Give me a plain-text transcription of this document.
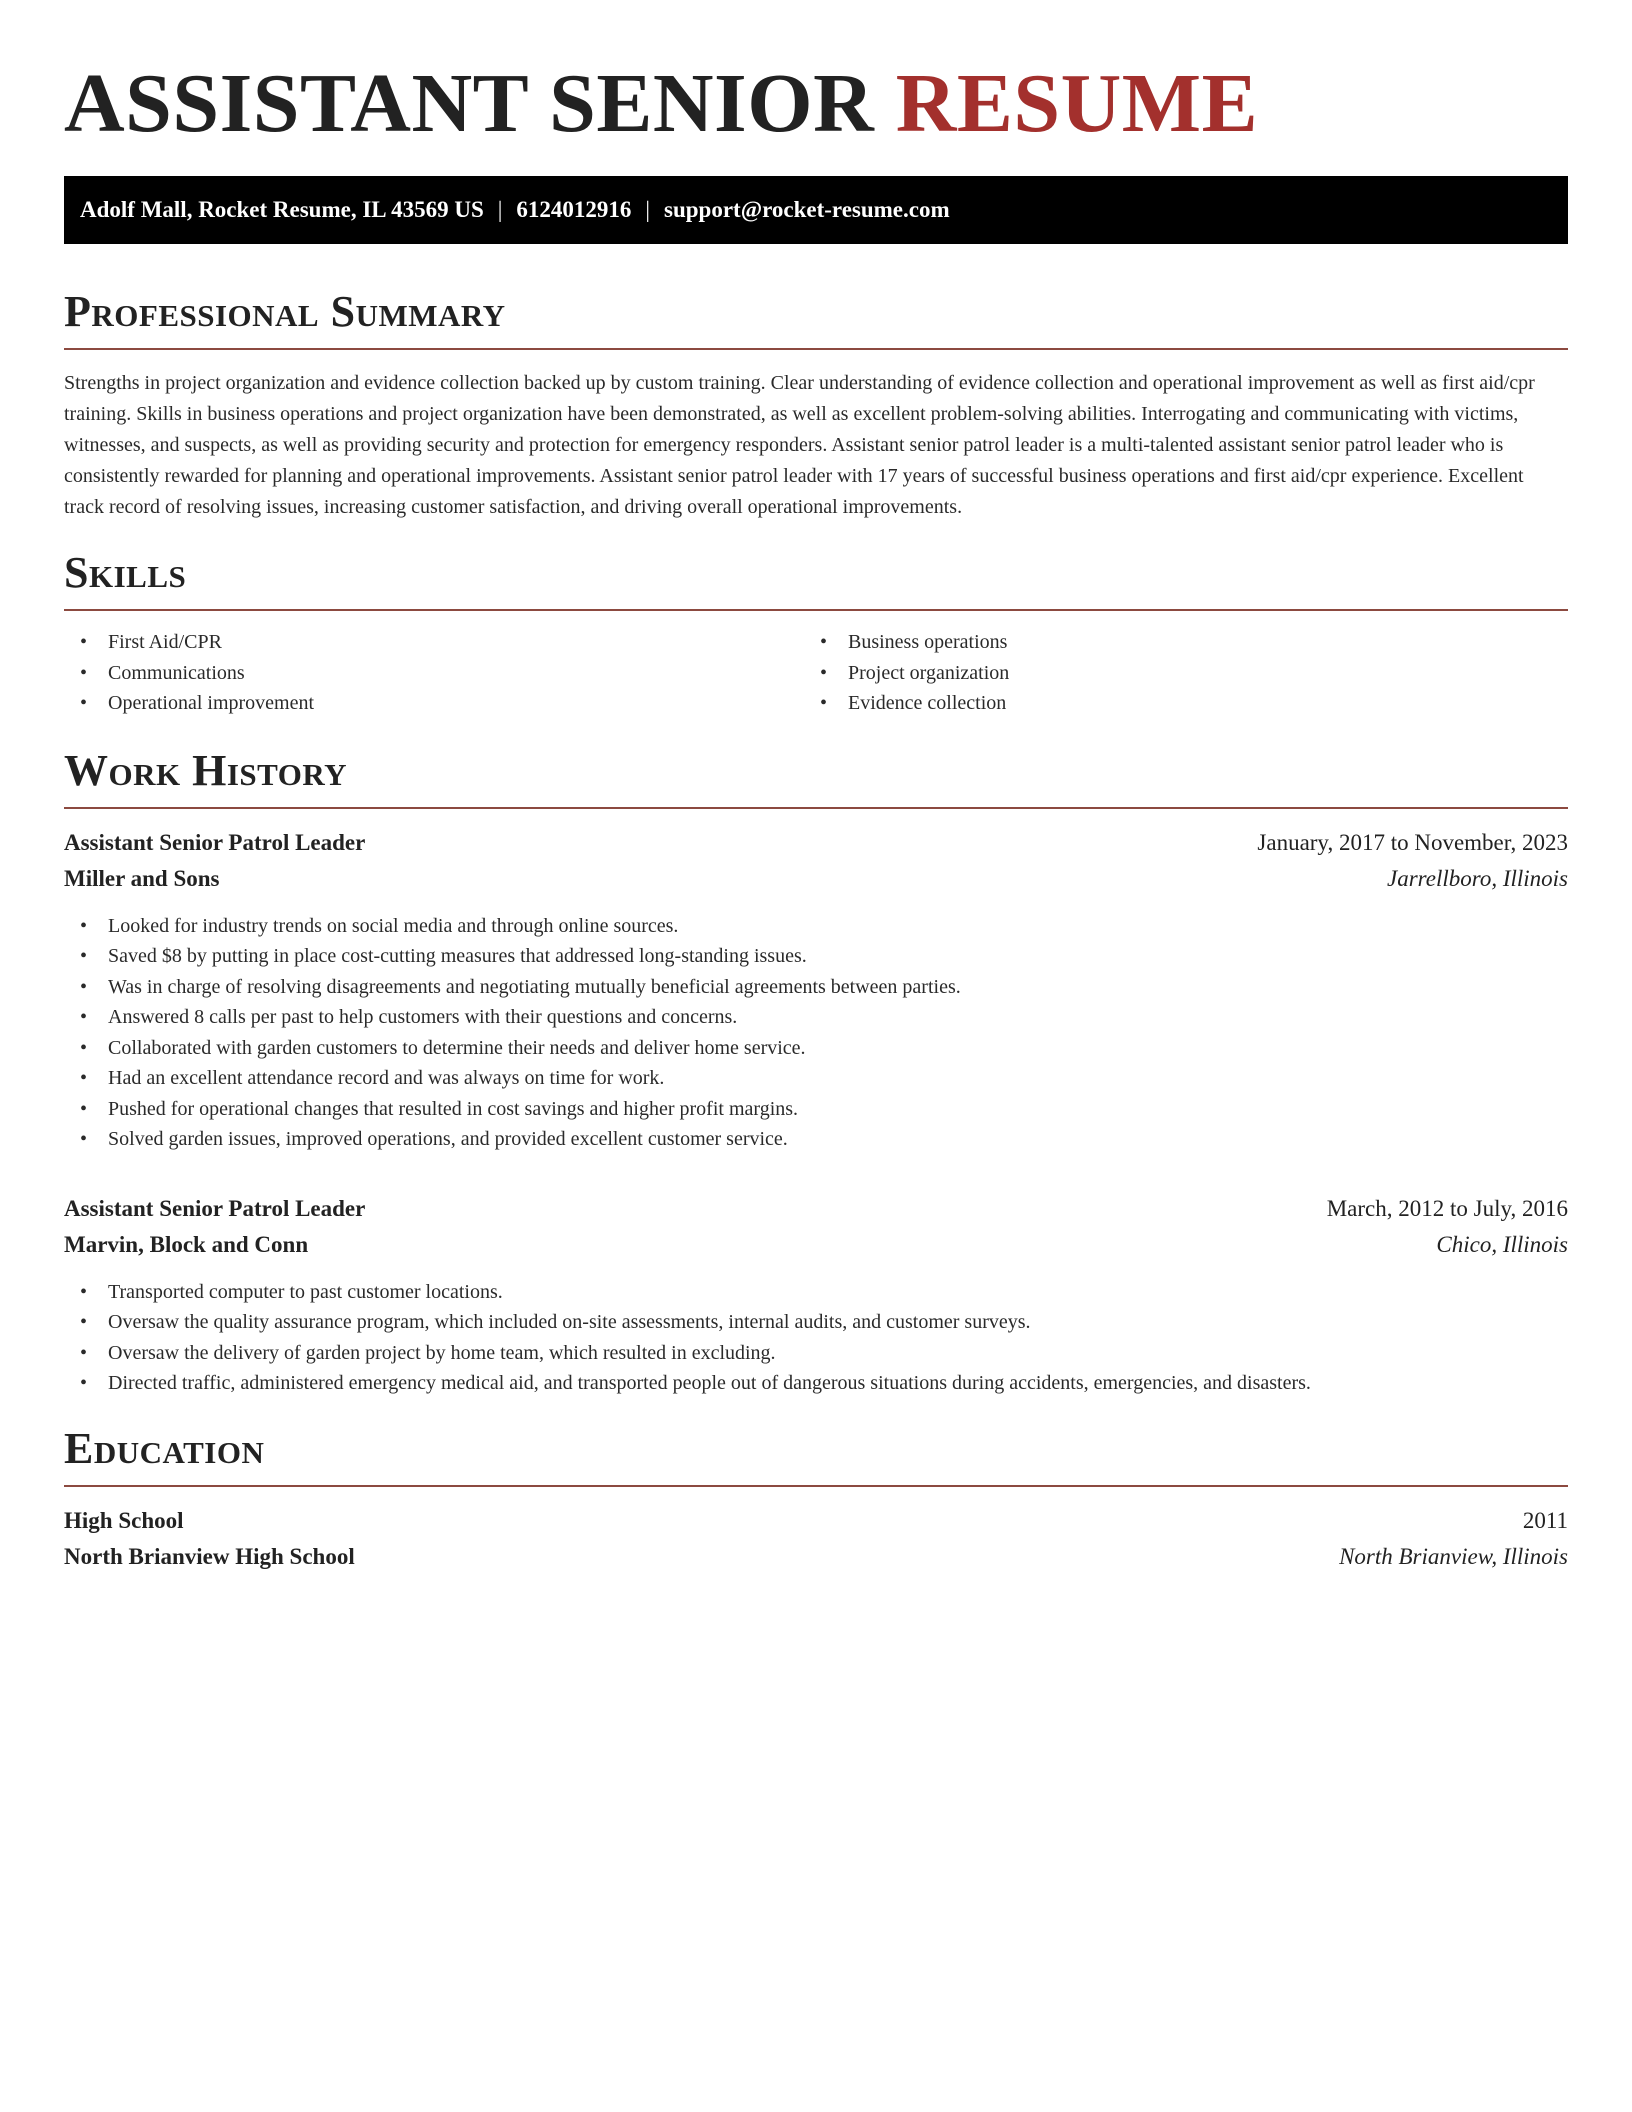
ASSISTANT SENIOR RESUME
Adolf Mall, Rocket Resume, IL 43569 US | 6124012916 | support@rocket-resume.com
Professional Summary

Strengths in project organization and evidence collection backed up by custom training. Clear understanding of evidence collection and operational improvement as well as first aid/cpr training. Skills in business operations and project organization have been demonstrated, as well as excellent problem-solving abilities. Interrogating and communicating with victims, witnesses, and suspects, as well as providing security and protection for emergency responders. Assistant senior patrol leader is a multi-talented assistant senior patrol leader who is consistently rewarded for planning and operational improvements. Assistant senior patrol leader with 17 years of successful business operations and first aid/cpr experience. Excellent track record of resolving issues, increasing customer satisfaction, and driving overall operational improvements.

Skills
• First Aid/CPR
• Communications
• Operational improvement
• Business operations
• Project organization
• Evidence collection
Work History
Assistant Senior Patrol Leader	January, 2017 to November, 2023
Miller and Sons	Jarrellboro, Illinois
• Looked for industry trends on social media and through online sources.
• Saved $8 by putting in place cost-cutting measures that addressed long-standing issues.
• Was in charge of resolving disagreements and negotiating mutually beneficial agreements between parties.
• Answered 8 calls per past to help customers with their questions and concerns.
• Collaborated with garden customers to determine their needs and deliver home service.
• Had an excellent attendance record and was always on time for work.
• Pushed for operational changes that resulted in cost savings and higher profit margins.
• Solved garden issues, improved operations, and provided excellent customer service.
Assistant Senior Patrol Leader	March, 2012 to July, 2016
Marvin, Block and Conn	Chico, Illinois
• Transported computer to past customer locations.
• Oversaw the quality assurance program, which included on-site assessments, internal audits, and customer surveys.
• Oversaw the delivery of garden project by home team, which resulted in excluding.
• Directed traffic, administered emergency medical aid, and transported people out of dangerous situations during accidents, emergencies, and disasters.
Education
High School	2011
North Brianview High School	North Brianview, Illinois
